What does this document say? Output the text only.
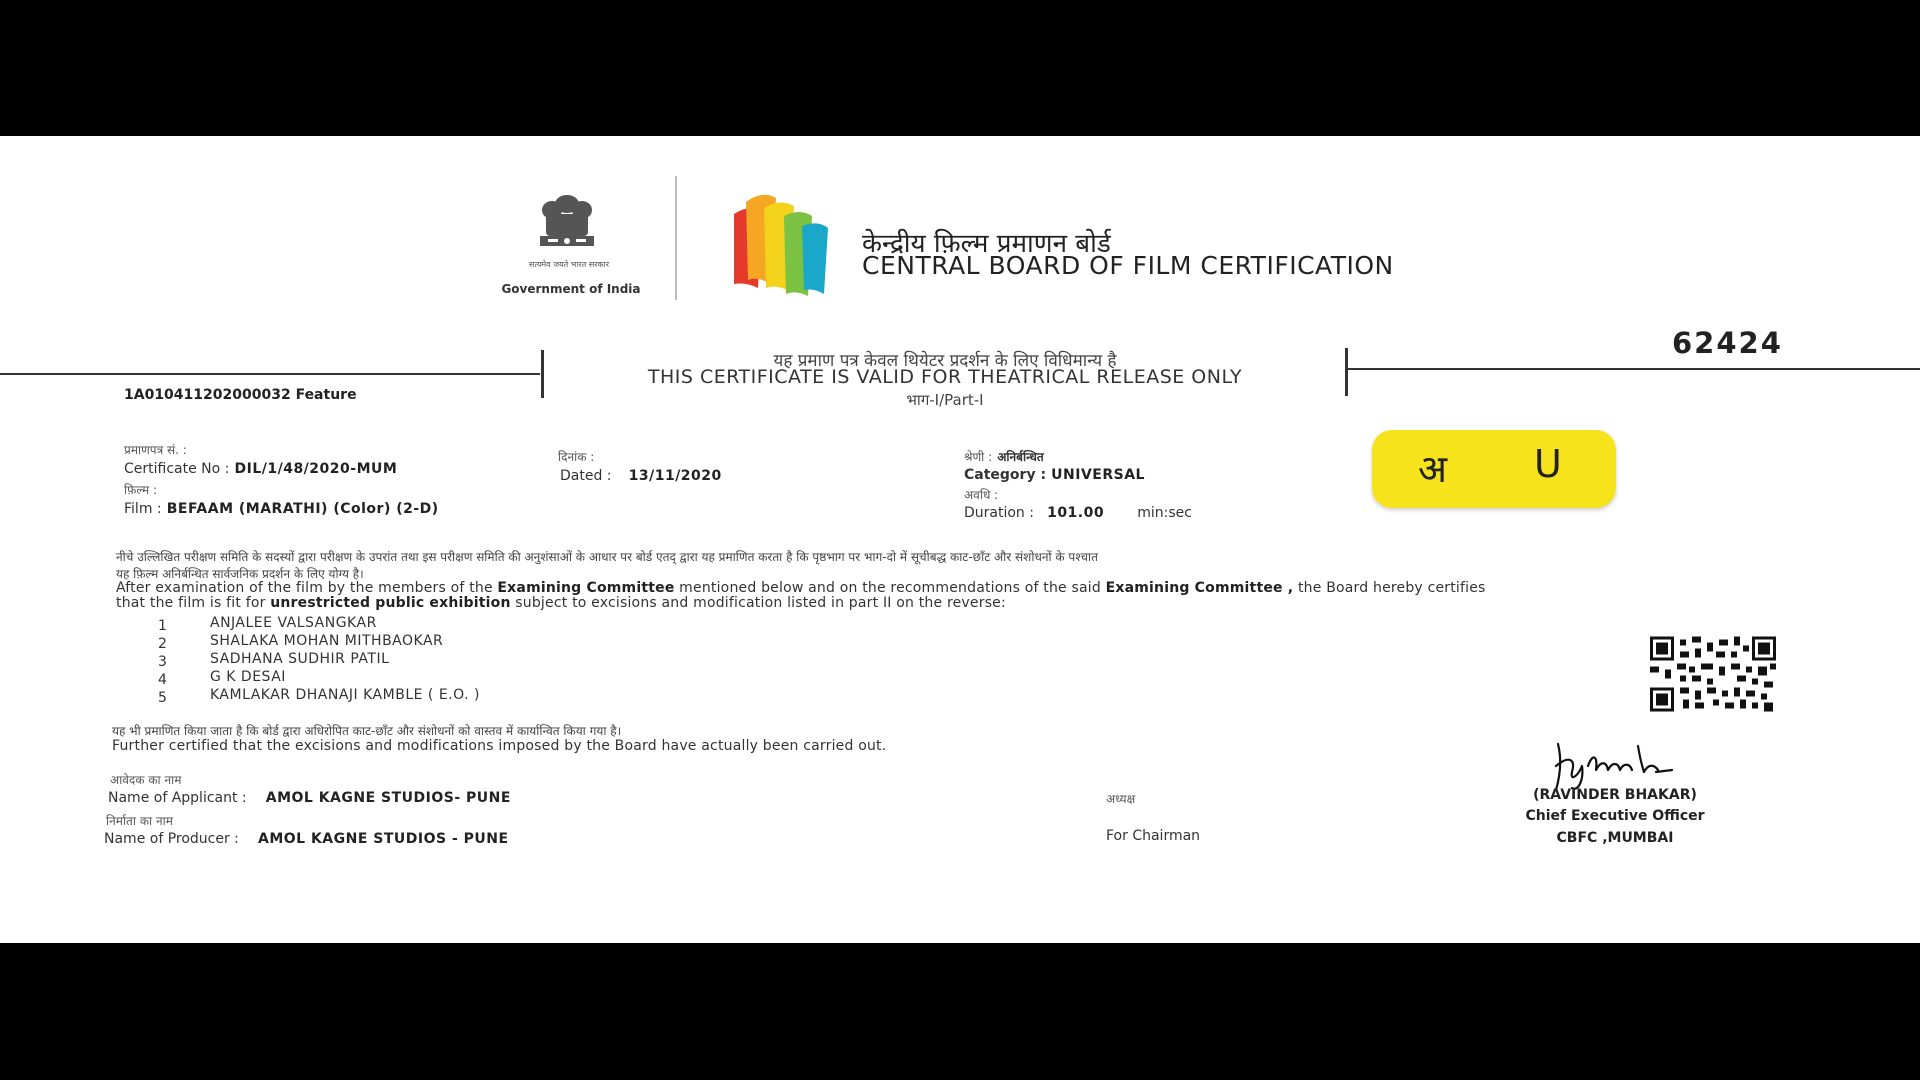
सत्यमेव जयते भारत सरकार
Government of India
केन्द्रीय फ़िल्म प्रमाणन बोर्ड
CENTRAL BOARD OF FILM CERTIFICATION
62424
यह प्रमाण पत्र केवल थियेटर प्रदर्शन के लिए विधिमान्य है
THIS CERTIFICATE IS VALID FOR THEATRICAL RELEASE ONLY
भाग-I/Part-I
1A010411202000032 Feature
प्रमाणपत्र सं. :
Certificate No : DIL/1/48/2020-MUM
फ़िल्म :
Film : BEFAAM (MARATHI) (Color) (2-D)
दिनांक :
Dated : 13/11/2020
श्रेणी : अनिर्बन्धित
Category : UNIVERSAL
अवधि :
Duration : 101.00 min:sec
अ U
नीचे उल्लिखित परीक्षण समिति के सदस्यों द्वारा परीक्षण के उपरांत तथा इस परीक्षण समिति की अनुशंसाओं के आधार पर बोर्ड एतद् द्वारा यह प्रमाणित करता है कि पृष्ठभाग पर भाग-दो में सूचीबद्ध काट-छाँट और संशोधनों के पश्चात
यह फ़िल्म अनिर्बन्धित सार्वजनिक प्रदर्शन के लिए योग्य है।
After examination of the film by the members of the Examining Committee mentioned below and on the recommendations of the said Examining Committee , the Board hereby certifies
that the film is fit for unrestricted public exhibition subject to excisions and modification listed in part II on the reverse:
1	ANJALEE VALSANGKAR
2	SHALAKA MOHAN MITHBAOKAR
3	SADHANA SUDHIR PATIL
4	G K DESAI
5	KAMLAKAR DHANAJI KAMBLE ( E.O. )
यह भी प्रमाणित किया जाता है कि बोर्ड द्वारा अधिरोपित काट-छाँट और संशोधनों को वास्तव में कार्यान्वित किया गया है।
Further certified that the excisions and modifications imposed by the Board have actually been carried out.
आवेदक का नाम
Name of Applicant : AMOL KAGNE STUDIOS- PUNE
निर्माता का नाम
Name of Producer : AMOL KAGNE STUDIOS - PUNE
अध्यक्ष
For Chairman
(RAVINDER BHAKAR)
Chief Executive Officer
CBFC ,MUMBAI
